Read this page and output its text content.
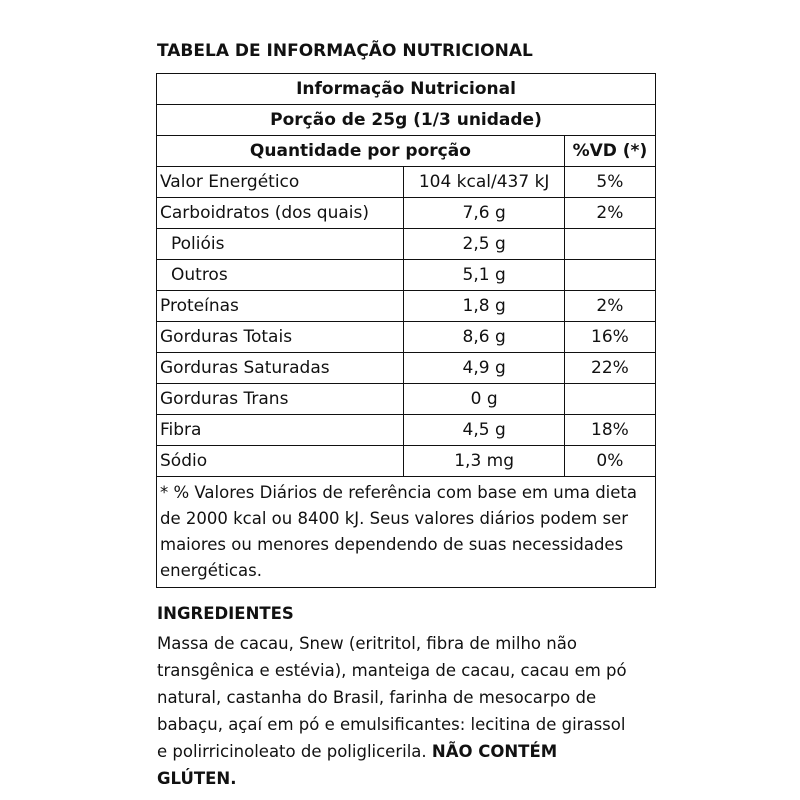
TABELA DE INFORMAÇÃO NUTRICIONAL
Informação Nutricional		
Porção de 25g (1/3 unidade)		
Quantidade por porção		%VD (*)
Valor Energético	104 kcal/437 kJ	5%
Carboidratos (dos quais)	7,6 g	2%
Polióis	2,5 g	
Outros	5,1 g	
Proteínas	1,8 g	2%
Gorduras Totais	8,6 g	16%
Gorduras Saturadas	4,9 g	22%
Gorduras Trans	0 g	
Fibra	4,5 g	18%
Sódio	1,3 mg	0%
* % Valores Diários de referência com base em uma dieta de 2000 kcal ou 8400 kJ. Seus valores diários podem ser maiores ou menores dependendo de suas necessidades energéticas.		
INGREDIENTES
Massa de cacau, Snew (eritritol, fibra de milho não transgênica e estévia), manteiga de cacau, cacau em pó natural, castanha do Brasil, farinha de mesocarpo de babaçu, açaí em pó e emulsificantes: lecitina de girassol e polirricinoleato de poliglicerila. NÃO CONTÉM GLÚTEN.
